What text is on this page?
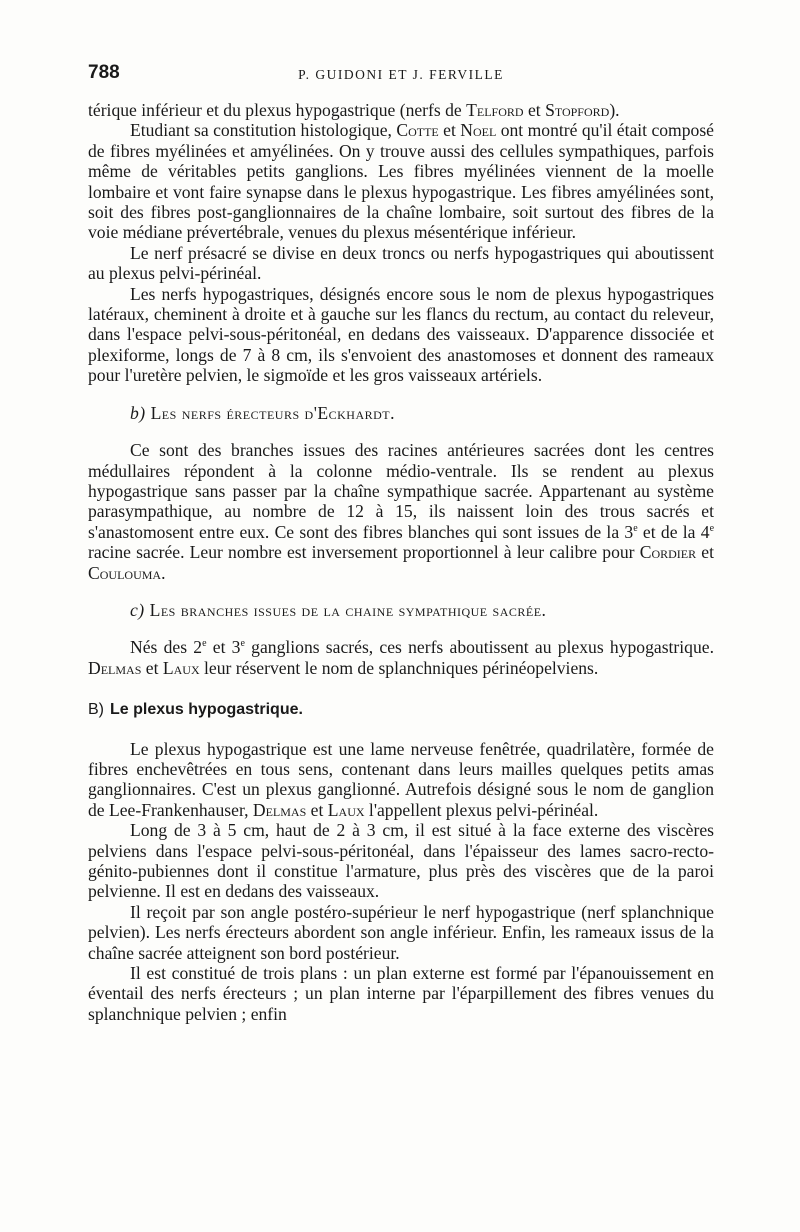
788	P. GUIDONI ET J. FERVILLE

térique inférieur et du plexus hypogastrique (nerfs de Telford et Stopford).

Etudiant sa constitution histologique, Cotte et Noel ont montré qu'il était composé de fibres myélinées et amyélinées. On y trouve aussi des cellules sympathiques, parfois même de véritables petits ganglions. Les fibres myélinées viennent de la moelle lombaire et vont faire synapse dans le plexus hypogastrique. Les fibres amyélinées sont, soit des fibres post-ganglionnaires de la chaîne lombaire, soit surtout des fibres de la voie médiane prévertébrale, venues du plexus mésentérique inférieur.

Le nerf présacré se divise en deux troncs ou nerfs hypogastriques qui aboutissent au plexus pelvi-périnéal.

Les nerfs hypogastriques, désignés encore sous le nom de plexus hypogastriques latéraux, cheminent à droite et à gauche sur les flancs du rectum, au contact du releveur, dans l'espace pelvi-sous-péritonéal, en dedans des vaisseaux. D'apparence dissociée et plexiforme, longs de 7 à 8 cm, ils s'envoient des anastomoses et donnent des rameaux pour l'uretère pelvien, le sigmoïde et les gros vaisseaux artériels.

b) Les nerfs érecteurs d'Eckhardt.

Ce sont des branches issues des racines antérieures sacrées dont les centres médullaires répondent à la colonne médio-ventrale. Ils se rendent au plexus hypogastrique sans passer par la chaîne sympathique sacrée. Appartenant au système parasympathique, au nombre de 12 à 15, ils naissent loin des trous sacrés et s'anastomosent entre eux. Ce sont des fibres blanches qui sont issues de la 3e et de la 4e racine sacrée. Leur nombre est inversement proportionnel à leur calibre pour Cordier et Coulouma.

c) Les branches issues de la chaine sympathique sacrée.

Nés des 2e et 3e ganglions sacrés, ces nerfs aboutissent au plexus hypogastrique. Delmas et Laux leur réservent le nom de splanchniques périnéopelviens.

B) Le plexus hypogastrique.

Le plexus hypogastrique est une lame nerveuse fenêtrée, quadrilatère, formée de fibres enchevêtrées en tous sens, contenant dans leurs mailles quelques petits amas ganglionnaires. C'est un plexus ganglionné. Autrefois désigné sous le nom de ganglion de Lee-Frankenhauser, Delmas et Laux l'appellent plexus pelvi-périnéal.

Long de 3 à 5 cm, haut de 2 à 3 cm, il est situé à la face externe des viscères pelviens dans l'espace pelvi-sous-péritonéal, dans l'épaisseur des lames sacro-recto-génito-pubiennes dont il constitue l'armature, plus près des viscères que de la paroi pelvienne. Il est en dedans des vaisseaux.

Il reçoit par son angle postéro-supérieur le nerf hypogastrique (nerf splanchnique pelvien). Les nerfs érecteurs abordent son angle inférieur. Enfin, les rameaux issus de la chaîne sacrée atteignent son bord postérieur.

Il est constitué de trois plans : un plan externe est formé par l'épanouissement en éventail des nerfs érecteurs ; un plan interne par l'éparpillement des fibres venues du splanchnique pelvien ; enfin
